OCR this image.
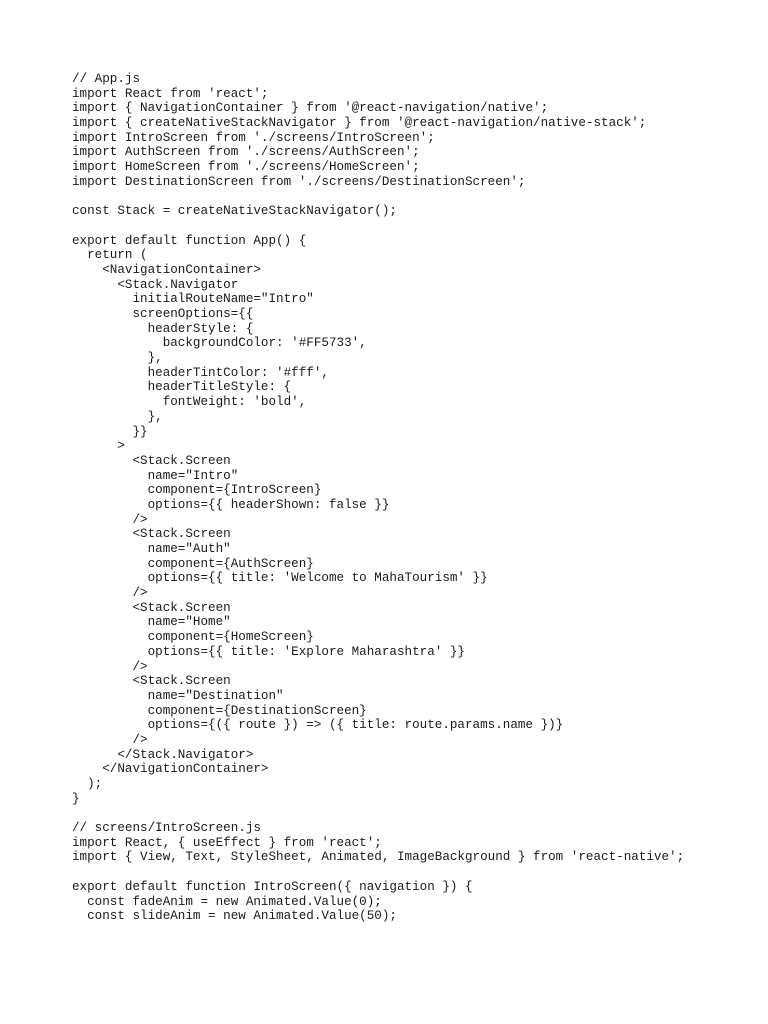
// App.js
import React from 'react';
import { NavigationContainer } from '@react-navigation/native';
import { createNativeStackNavigator } from '@react-navigation/native-stack';
import IntroScreen from './screens/IntroScreen';
import AuthScreen from './screens/AuthScreen';
import HomeScreen from './screens/HomeScreen';
import DestinationScreen from './screens/DestinationScreen';
const Stack = createNativeStackNavigator();
export default function App() {
return (
<NavigationContainer>
<Stack.Navigator
initialRouteName="Intro"
screenOptions={{
headerStyle: {
backgroundColor: '#FF5733',
},
headerTintColor: '#fff',
headerTitleStyle: {
fontWeight: 'bold',
},
}}
>
<Stack.Screen
name="Intro"
component={IntroScreen}
options={{ headerShown: false }}
/>
<Stack.Screen
name="Auth"
component={AuthScreen}
options={{ title: 'Welcome to MahaTourism' }}
/>
<Stack.Screen
name="Home"
component={HomeScreen}
options={{ title: 'Explore Maharashtra' }}
/>
<Stack.Screen
name="Destination"
component={DestinationScreen}
options={({ route }) => ({ title: route.params.name })}
/>
</Stack.Navigator>
</NavigationContainer>
);
}
// screens/IntroScreen.js
import React, { useEffect } from 'react';
import { View, Text, StyleSheet, Animated, ImageBackground } from 'react-native';
export default function IntroScreen({ navigation }) {
const fadeAnim = new Animated.Value(0);
const slideAnim = new Animated.Value(50);
